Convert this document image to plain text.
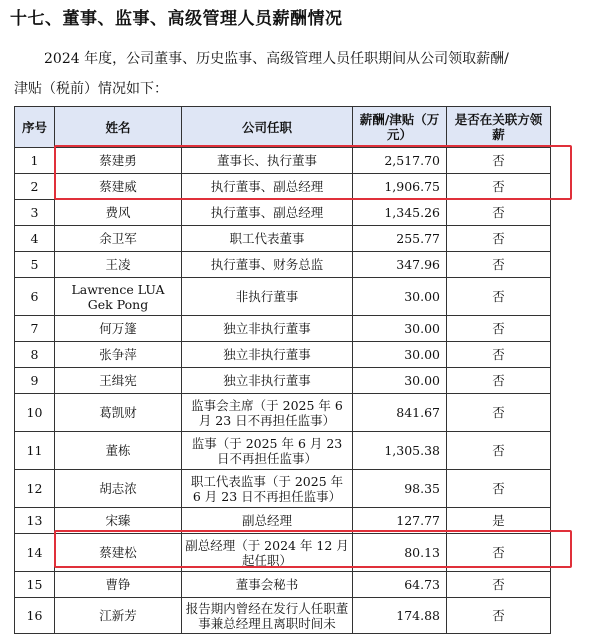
十七、董事、监事、高级管理人员薪酬情况
2024 年度，公司董事、历史监事、高级管理人员任职期间从公司领取薪酬/
津贴（税前）情况如下：
序号	姓名	公司任职	薪酬/津贴（万元）	是否在关联方领薪
1	蔡建勇	董事长、执行董事	2,517.70	否
2	蔡建威	执行董事、副总经理	1,906.75	否
3	费风	执行董事、副总经理	1,345.26	否
4	余卫军	职工代表董事	255.77	否
5	王凌	执行董事、财务总监	347.96	否
6	Lawrence LUA Gek Pong	非执行董事	30.00	否
7	何万篷	独立非执行董事	30.00	否
8	张争萍	独立非执行董事	30.00	否
9	王缉宪	独立非执行董事	30.00	否
10	葛凯财	监事会主席（于 2025 年 6 月 23 日不再担任监事）	841.67	否
11	董栋	监事（于 2025 年 6 月 23 日不再担任监事）	1,305.38	否
12	胡志浓	职工代表监事（于 2025 年 6 月 23 日不再担任监事）	98.35	否
13	宋臻	副总经理	127.77	是
14	蔡建松	副总经理（于 2024 年 12 月起任职）	80.13	否
15	曹铮	董事会秘书	64.73	否
16	江新芳	报告期内曾经在发行人任职董事兼总经理且离职时间未	174.88	否
